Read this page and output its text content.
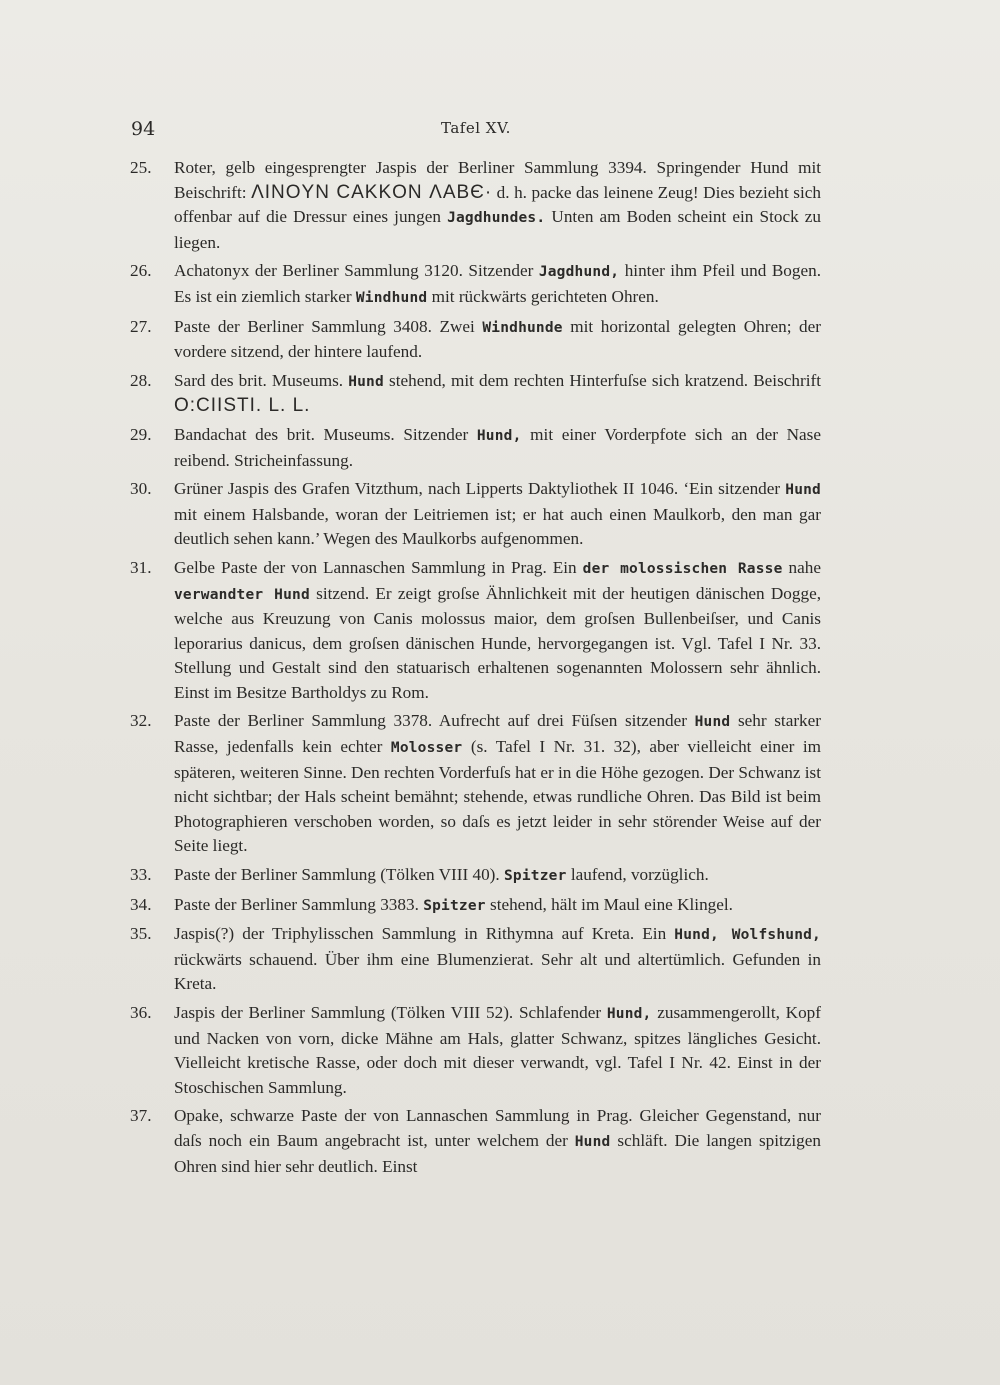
94	Tafel XV.
25. Roter, gelb eingesprengter Jaspis der Berliner Sammlung 3394. Springender Hund mit Beischrift: ΛINOYN CAKKON ΛABЄ· d. h. packe das leinene Zeug! Dies bezieht sich offenbar auf die Dressur eines jungen Jagdhundes. Unten am Boden scheint ein Stock zu liegen.
26. Achatonyx der Berliner Sammlung 3120. Sitzender Jagdhund, hinter ihm Pfeil und Bogen. Es ist ein ziemlich starker Windhund mit rückwärts gerichteten Ohren.
27. Paste der Berliner Sammlung 3408. Zwei Windhunde mit horizontal gelegten Ohren; der vordere sitzend, der hintere laufend.
28. Sard des brit. Museums. Hund stehend, mit dem rechten Hinterfuſse sich kratzend. Beischrift O:CIISTI. L. L.
29. Bandachat des brit. Museums. Sitzender Hund, mit einer Vorderpfote sich an der Nase reibend. Stricheinfassung.
30. Grüner Jaspis des Grafen Vitzthum, nach Lipperts Daktyliothek II 1046. ‘Ein sitzender Hund mit einem Halsbande, woran der Leitriemen ist; er hat auch einen Maulkorb, den man gar deutlich sehen kann.’ Wegen des Maulkorbs aufgenommen.
31. Gelbe Paste der von Lannaschen Sammlung in Prag. Ein der molossischen Rasse nahe verwandter Hund sitzend. Er zeigt groſse Ähnlichkeit mit der heutigen dänischen Dogge, welche aus Kreuzung von Canis molossus maior, dem groſsen Bullenbeiſser, und Canis leporarius danicus, dem groſsen dänischen Hunde, hervorgegangen ist. Vgl. Tafel I Nr. 33. Stellung und Gestalt sind den statuarisch erhaltenen sogenannten Molossern sehr ähnlich. Einst im Besitze Bartholdys zu Rom.
32. Paste der Berliner Sammlung 3378. Aufrecht auf drei Füſsen sitzender Hund sehr starker Rasse, jedenfalls kein echter Molosser (s. Tafel I Nr. 31. 32), aber vielleicht einer im späteren, weiteren Sinne. Den rechten Vorderfuſs hat er in die Höhe gezogen. Der Schwanz ist nicht sichtbar; der Hals scheint bemähnt; stehende, etwas rundliche Ohren. Das Bild ist beim Photographieren verschoben worden, so daſs es jetzt leider in sehr störender Weise auf der Seite liegt.
33. Paste der Berliner Sammlung (Tölken VIII 40). Spitzer laufend, vorzüglich.
34. Paste der Berliner Sammlung 3383. Spitzer stehend, hält im Maul eine Klingel.
35. Jaspis(?) der Triphylisschen Sammlung in Rithymna auf Kreta. Ein Hund, Wolfshund, rückwärts schauend. Über ihm eine Blumenzierat. Sehr alt und altertümlich. Gefunden in Kreta.
36. Jaspis der Berliner Sammlung (Tölken VIII 52). Schlafender Hund, zusammengerollt, Kopf und Nacken von vorn, dicke Mähne am Hals, glatter Schwanz, spitzes längliches Gesicht. Vielleicht kretische Rasse, oder doch mit dieser verwandt, vgl. Tafel I Nr. 42. Einst in der Stoschischen Sammlung.
37. Opake, schwarze Paste der von Lannaschen Sammlung in Prag. Gleicher Gegenstand, nur daſs noch ein Baum angebracht ist, unter welchem der Hund schläft. Die langen spitzigen Ohren sind hier sehr deutlich. Einst
